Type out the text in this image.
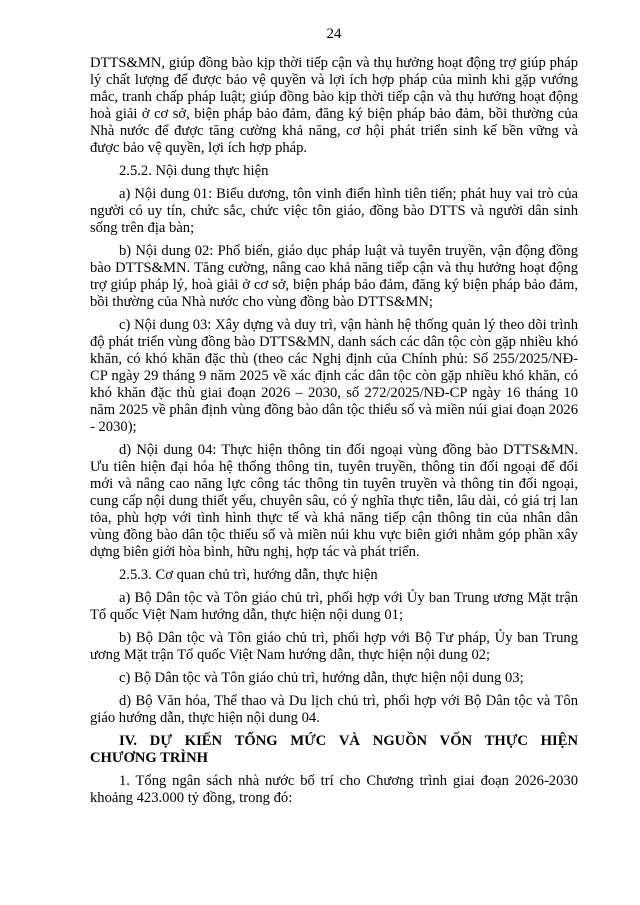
24

DTTS&MN, giúp đồng bào kịp thời tiếp cận và thụ hưởng hoạt động trợ giúp pháp lý chất lượng để được bảo vệ quyền và lợi ích hợp pháp của mình khi gặp vướng mắc, tranh chấp pháp luật; giúp đồng bào kịp thời tiếp cận và thụ hưởng hoạt động hoà giải ở cơ sở, biện pháp bảo đảm, đăng ký biện pháp bảo đảm, bồi thường của Nhà nước để được tăng cường khả năng, cơ hội phát triển sinh kế bền vững và được bảo vệ quyền, lợi ích hợp pháp.

2.5.2. Nội dung thực hiện

a) Nội dung 01: Biểu dương, tôn vinh điển hình tiên tiến; phát huy vai trò của người có uy tín, chức sắc, chức việc tôn giáo, đồng bào DTTS và người dân sinh sống trên địa bàn;

b) Nội dung 02: Phổ biến, giáo dục pháp luật và tuyên truyền, vận động đồng bào DTTS&MN. Tăng cường, nâng cao khả năng tiếp cận và thụ hưởng hoạt động trợ giúp pháp lý, hoà giải ở cơ sở, biện pháp bảo đảm, đăng ký biện pháp bảo đảm, bồi thường của Nhà nước cho vùng đồng bào DTTS&MN;

c) Nội dung 03: Xây dựng và duy trì, vận hành hệ thống quản lý theo dõi trình độ phát triển vùng đồng bào DTTS&MN, danh sách các dân tộc còn gặp nhiều khó khăn, có khó khăn đặc thù (theo các Nghị định của Chính phủ: Số 255/2025/NĐ-CP ngày 29 tháng 9 năm 2025 về xác định các dân tộc còn gặp nhiều khó khăn, có khó khăn đặc thù giai đoạn 2026 – 2030, số 272/2025/NĐ-CP ngày 16 tháng 10 năm 2025 về phân định vùng đồng bào dân tộc thiểu số và miền núi giai đoạn 2026 - 2030);

d) Nội dung 04: Thực hiện thông tin đối ngoại vùng đồng bào DTTS&MN. Ưu tiên hiện đại hóa hệ thống thông tin, tuyên truyền, thông tin đối ngoại để đổi mới và nâng cao năng lực công tác thông tin tuyên truyền và thông tin đối ngoại, cung cấp nội dung thiết yếu, chuyên sâu, có ý nghĩa thực tiễn, lâu dài, có giá trị lan tỏa, phù hợp với tình hình thực tế và khả năng tiếp cận thông tin của nhân dân vùng đồng bào dân tộc thiểu số và miền núi khu vực biên giới nhằm góp phần xây dựng biên giới hòa bình, hữu nghị, hợp tác và phát triển.

2.5.3. Cơ quan chủ trì, hướng dẫn, thực hiện

a) Bộ Dân tộc và Tôn giáo chủ trì, phối hợp với Ủy ban Trung ương Mặt trận Tổ quốc Việt Nam hướng dẫn, thực hiện nội dung 01;

b) Bộ Dân tộc và Tôn giáo chủ trì, phối hợp với Bộ Tư pháp, Ủy ban Trung ương Mặt trận Tổ quốc Việt Nam hướng dẫn, thực hiện nội dung 02;

c) Bộ Dân tộc và Tôn giáo chủ trì, hướng dẫn, thực hiện nội dung 03;

d) Bộ Văn hóa, Thể thao và Du lịch chủ trì, phối hợp với Bộ Dân tộc và Tôn giáo hướng dẫn, thực hiện nội dung 04.

IV. DỰ KIẾN TỔNG MỨC VÀ NGUỒN VỐN THỰC HIỆN
CHƯƠNG TRÌNH

1. Tổng ngân sách nhà nước bố trí cho Chương trình giai đoạn 2026-2030 khoảng 423.000 tỷ đồng, trong đó:
